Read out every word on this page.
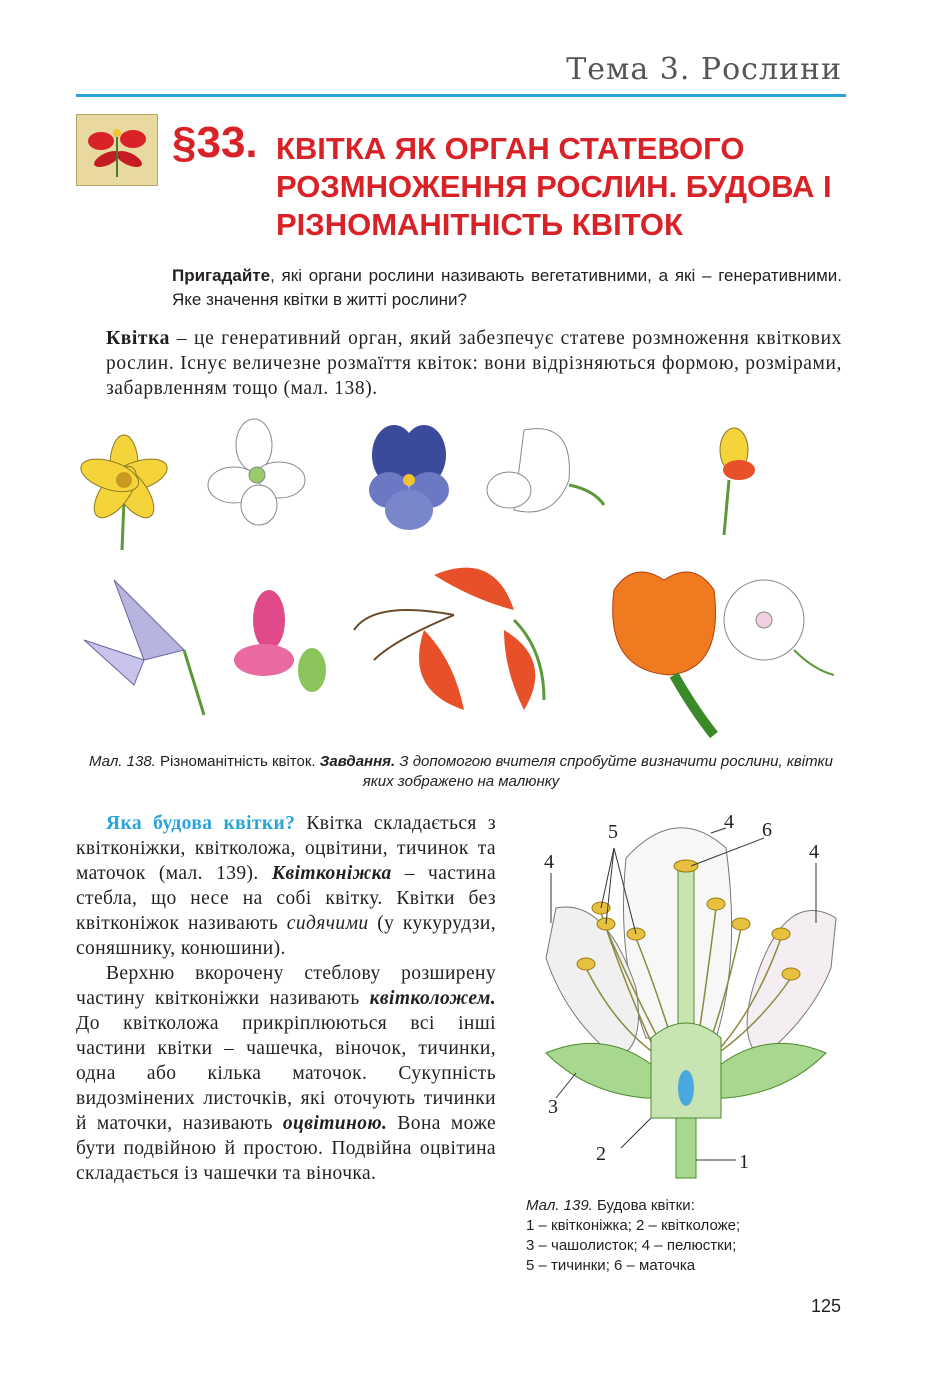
Тема 3. Рослини
§33. КВІТКА ЯК ОРГАН СТАТЕВОГО РОЗМНОЖЕННЯ РОСЛИН. БУДОВА І РІЗНОМАНІТНІСТЬ КВІТОК
Пригадайте, які органи рослини називають вегетативними, а які – генеративними. Яке значення квітки в житті рослини?
Квітка – це генеративний орган, який забезпечує статеве розмноження квіткових рослин. Існує величезне розмаїття квіток: вони відрізняються формою, розмірами, забарвленням тощо (мал. 138).
Мал. 138. Різноманітність квіток. Завдання. З допомогою вчителя спробуйте визначити рослини, квітки яких зображено на малюнку

Яка будова квітки? Квітка складається з квітконіжки, квітколожа, оцвітини, тичинок та маточок (мал. 139). Квітконіжка – частина стебла, що несе на собі квітку. Квітки без квітконіжок називають сидячими (у кукурудзи, соняшнику, конюшини).

Верхню вкорочену стеблову розширену частину квітконіжки називають квітколожем. До квітколожа прикріплюються всі інші частини квітки – чашечка, віночок, тичинки, одна або кілька маточок. Сукупність видозмінених листочків, які оточують тичинки й маточки, називають оцвітиною. Вона може бути подвійною й простою. Подвійна оцвітина складається із чашечки та віночка.

1
2
3
4
4
4
5	6
Мал. 139. Будова квітки:
1 – квітконіжка; 2 – квітколоже;
3 – чашолисток; 4 – пелюстки;
5 – тичинки; 6 – маточка
125
